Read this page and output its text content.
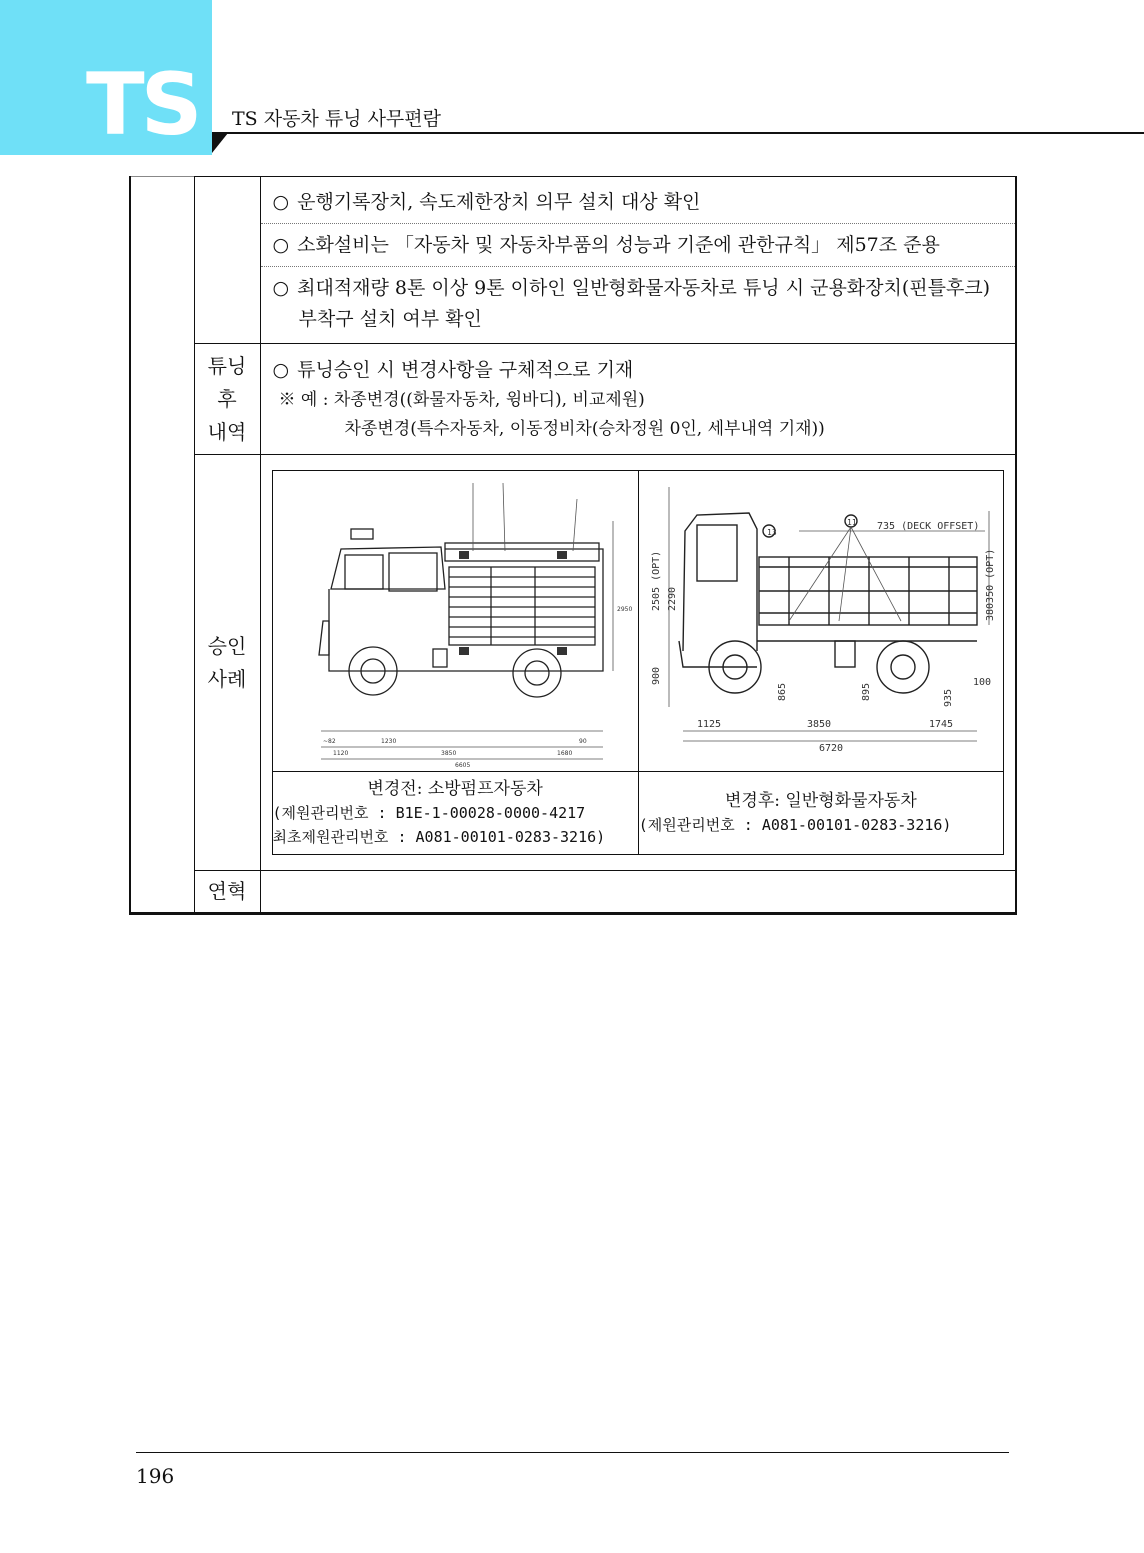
TS TS 자동차 튜닝 사무편람

○ 운행기록장치, 속도제한장치 의무 설치 대상 확인
○ 소화설비는 「자동차 및 자동차부품의 성능과 기준에 관한규칙」 제57조 준용
○ 최대적재량 8톤 이상 9톤 이하인 일반형화물자동차로 튜닝 시 군용화장치(핀틀후크)
부착구 설치 여부 확인

튜닝
후
내역

○ 튜닝승인 시 변경사항을 구체적으로 기재
※ 예 : 차종변경((화물자동차, 윙바디), 비교제원)
차종변경(특수자동차, 이동정비차(승차정원 0인, 세부내역 기재))

승인
사례

~82
1120
1230
3850	1680
6605
2950
90

735 (DECK OFFSET)
13
11
1125	3850	1745
6720
2505 (OPT) 2290
900
865	895	935
380350 (OPT)
100

변경전: 소방펌프자동차
(제원관리번호 : B1E-1-00028-0000-4217
최초제원관리번호 : A081-00101-0283-3216)

변경후: 일반형화물자동차
(제원관리번호 : A081-00101-0283-3216)

연혁	
196
